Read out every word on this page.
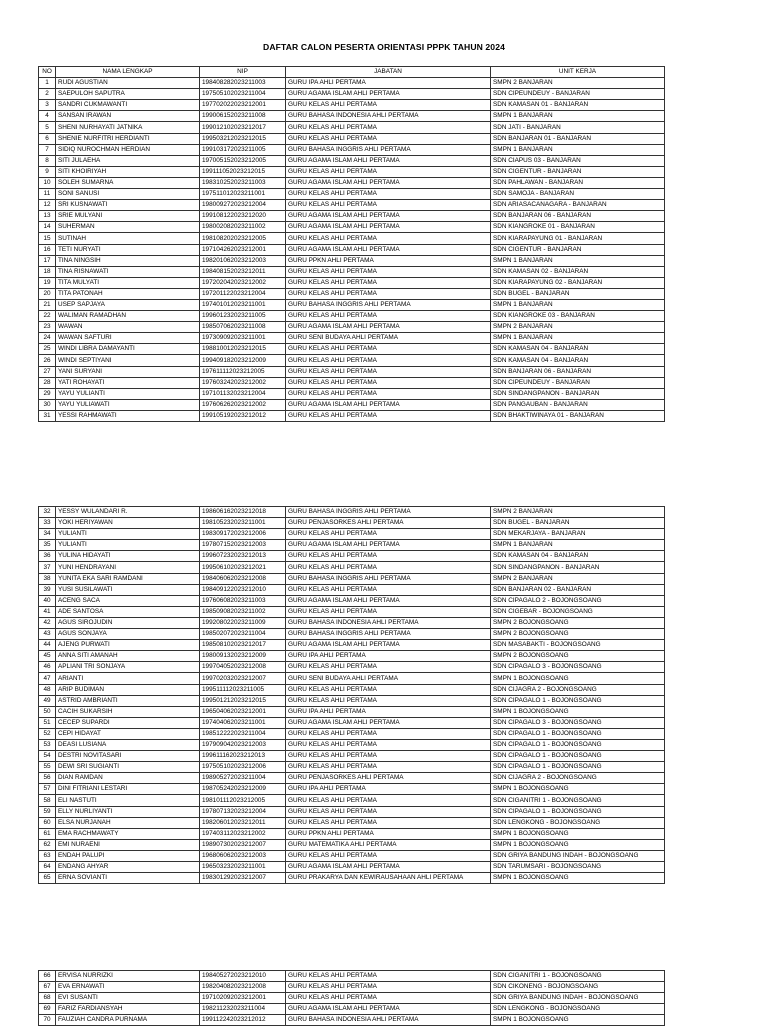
DAFTAR CALON PESERTA ORIENTASI PPPK TAHUN 2024
NO	NAMA LENGKAP	NIP	JABATAN	UNIT KERJA
1	RUDI AGUSTIAN	198408282023211003	GURU IPA AHLI PERTAMA	SMPN 2 BANJARAN
2	SAEPULOH SAPUTRA	197505102023211004	GURU AGAMA ISLAM AHLI PERTAMA	SDN CIPEUNDEUY - BANJARAN
3	SANDRI CUKMAWANTI	197702022023212001	GURU KELAS AHLI PERTAMA	SDN KAMASAN 01 - BANJARAN
4	SANSAN IRAWAN	199006152023211008	GURU BAHASA INDONESIA AHLI PERTAMA	SMPN 1 BANJARAN
5	SHENI NURHAYATI JATNIKA	199012102023212017	GURU KELAS AHLI PERTAMA	SDN JATI - BANJARAN
6	SHENIE NURFITRI HERDIANTI	199503212023212015	GURU KELAS AHLI PERTAMA	SDN BANJARAN 01 - BANJARAN
7	SIDIQ NUROCHMAN HERDIAN	199103172023211005	GURU BAHASA INGGRIS AHLI PERTAMA	SMPN 1 BANJARAN
8	SITI JULAEHA	197005152023212005	GURU AGAMA ISLAM AHLI PERTAMA	SDN CIAPUS 03 - BANJARAN
9	SITI KHOIRIYAH	199111052023212015	GURU KELAS AHLI PERTAMA	SDN CIGENTUR - BANJARAN
10	SOLEH SUMARNA	198310252023211003	GURU AGAMA ISLAM AHLI PERTAMA	SDN PAHLAWAN - BANJARAN
11	SONI SANUSI	197511012023211001	GURU KELAS AHLI PERTAMA	SDN SAMOJA - BANJARAN
12	SRI KUSNAWATI	198009272023212004	GURU KELAS AHLI PERTAMA	SDN ARIASACANAGARA - BANJARAN
13	SRIE MULYANI	199108122023212020	GURU AGAMA ISLAM AHLI PERTAMA	SDN BANJARAN 06 - BANJARAN
14	SUHERMAN	198002082023211002	GURU AGAMA ISLAM AHLI PERTAMA	SDN KIANGROKE 01 - BANJARAN
15	SUTINAH	198108202023212005	GURU KELAS AHLI PERTAMA	SDN KIARAPAYUNG 01 - BANJARAN
16	TETI NURYATI	197104262023212001	GURU AGAMA ISLAM AHLI PERTAMA	SDN CIGENTUR - BANJARAN
17	TINA NINGSIH	198201062023212003	GURU PPKN AHLI PERTAMA	SMPN 1 BANJARAN
18	TINA RISNAWATI	198408152023212011	GURU KELAS AHLI PERTAMA	SDN KAMASAN 02 - BANJARAN
19	TITA MULYATI	197202042023212002	GURU KELAS AHLI PERTAMA	SDN KIARAPAYUNG 02 - BANJARAN
20	TITA PATONAH	197201122023212004	GURU KELAS AHLI PERTAMA	SDN BUGEL - BANJARAN
21	USEP SAPJAYA	197401012023211001	GURU BAHASA INGGRIS AHLI PERTAMA	SMPN 1 BANJARAN
22	WALIMAN RAMADHAN	199601232023211005	GURU KELAS AHLI PERTAMA	SDN KIANGROKE 03 - BANJARAN
23	WAWAN	198507062023211008	GURU AGAMA ISLAM AHLI PERTAMA	SMPN 2 BANJARAN
24	WAWAN SAFTURI	197309092023211001	GURU SENI BUDAYA AHLI PERTAMA	SMPN 1 BANJARAN
25	WINDI LIBRA DAMAYANTI	198810012023212015	GURU KELAS AHLI PERTAMA	SDN KAMASAN 04 - BANJARAN
26	WINDI SEPTIYANI	199409182023212009	GURU KELAS AHLI PERTAMA	SDN KAMASAN 04 - BANJARAN
27	YANI SURYANI	197611112023212005	GURU KELAS AHLI PERTAMA	SDN BANJARAN 06 - BANJARAN
28	YATI ROHAYATI	197603242023212002	GURU KELAS AHLI PERTAMA	SDN CIPEUNDEUY - BANJARAN
29	YAYU YULIANTI	197101132023212004	GURU KELAS AHLI PERTAMA	SDN SINDANGPANON - BANJARAN
30	YAYU YULIAWATI	197606262023212002	GURU AGAMA ISLAM AHLI PERTAMA	SDN PANGAUBAN - BANJARAN
31	YESSI RAHMAWATI	199105192023212012	GURU KELAS AHLI PERTAMA	SDN BHAKTIWINAYA 01 - BANJARAN
32	YESSY WULANDARI R.	198606162023212018	GURU BAHASA INGGRIS AHLI PERTAMA	SMPN 2 BANJARAN
33	YOKI HERIYAWAN	198105232023211001	GURU PENJASORKES AHLI PERTAMA	SDN BUGEL - BANJARAN
34	YULIANTI	198309172023212006	GURU KELAS AHLI PERTAMA	SDN MEKARJAYA - BANJARAN
35	YULIANTI	197807152023212003	GURU AGAMA ISLAM AHLI PERTAMA	SMPN 1 BANJARAN
36	YULINA HIDAYATI	199607232023212013	GURU KELAS AHLI PERTAMA	SDN KAMASAN 04 - BANJARAN
37	YUNI HENDRAYANI	199506102023212021	GURU KELAS AHLI PERTAMA	SDN SINDANGPANON - BANJARAN
38	YUNITA EKA SARI RAMDANI	198406062023212008	GURU BAHASA INGGRIS AHLI PERTAMA	SMPN 2 BANJARAN
39	YUSI SUSILAWATI	198409122023212010	GURU KELAS AHLI PERTAMA	SDN BANJARAN 02 - BANJARAN
40	ACENG SACA	197606082023211003	GURU AGAMA ISLAM AHLI PERTAMA	SDN CIPAGALO 2 - BOJONGSOANG
41	ADE SANTOSA	198509082023211002	GURU KELAS AHLI PERTAMA	SDN CIGEBAR - BOJONGSOANG
42	AGUS SIROJUDIN	199208022023211009	GURU BAHASA INDONESIA AHLI PERTAMA	SMPN 2 BOJONGSOANG
43	AGUS SONJAYA	198502072023211004	GURU BAHASA INGGRIS AHLI PERTAMA	SMPN 2 BOJONGSOANG
44	AJENG PURWATI	198508102023212017	GURU AGAMA ISLAM AHLI PERTAMA	SDN MASABAKTI - BOJONGSOANG
45	ANNA SITI AMANAH	198009132023212009	GURU IPA AHLI PERTAMA	SMPN 2 BOJONGSOANG
46	APLIANI TRI SONJAYA	199704052023212008	GURU KELAS AHLI PERTAMA	SDN CIPAGALO 3 - BOJONGSOANG
47	ARIANTI	199702032023212007	GURU SENI BUDAYA AHLI PERTAMA	SMPN 1 BOJONGSOANG
48	ARIP BUDIMAN	199511112023211005	GURU KELAS AHLI PERTAMA	SDN CIJAGRA 2 - BOJONGSOANG
49	ASTRID AMBRIANTI	199501212023212015	GURU KELAS AHLI PERTAMA	SDN CIPAGALO 1 - BOJONGSOANG
50	CACIH SUKARSIH	196504062023212001	GURU IPA AHLI PERTAMA	SMPN 1 BOJONGSOANG
51	CECEP SUPARDI	197404062023211001	GURU AGAMA ISLAM AHLI PERTAMA	SDN CIPAGALO 3 - BOJONGSOANG
52	CEPI HIDAYAT	198512222023211004	GURU KELAS AHLI PERTAMA	SDN CIPAGALO 1 - BOJONGSOANG
53	DEASI LUSIANA	197909042023212003	GURU KELAS AHLI PERTAMA	SDN CIPAGALO 1 - BOJONGSOANG
54	DESTRI NOVITASARI	199611162023212013	GURU KELAS AHLI PERTAMA	SDN CIPAGALO 1 - BOJONGSOANG
55	DEWI SRI SUGIANTI	197505102023212006	GURU KELAS AHLI PERTAMA	SDN CIPAGALO 1 - BOJONGSOANG
56	DIAN RAMDAN	198905272023211004	GURU PENJASORKES AHLI PERTAMA	SDN CIJAGRA 2 - BOJONGSOANG
57	DINI FITRIANI LESTARI	198705242023212009	GURU IPA AHLI PERTAMA	SMPN 1 BOJONGSOANG
58	ELI NASTUTI	198101112023212005	GURU KELAS AHLI PERTAMA	SDN CIGANITRI 1 - BOJONGSOANG
59	ELLY NURLIYANTI	197807132023212004	GURU KELAS AHLI PERTAMA	SDN CIPAGALO 1 - BOJONGSOANG
60	ELSA NURJANAH	198206012023212011	GURU KELAS AHLI PERTAMA	SDN LENGKONG - BOJONGSOANG
61	EMA RACHMAWATY	197403112023212002	GURU PPKN AHLI PERTAMA	SMPN 1 BOJONGSOANG
62	EMI NURAENI	198907302023212007	GURU MATEMATIKA AHLI PERTAMA	SMPN 1 BOJONGSOANG
63	ENDAH PALUPI	196806062023212003	GURU KELAS AHLI PERTAMA	SDN GRIYA BANDUNG INDAH - BOJONGSOANG
64	ENDANG AHYAR	196503232023211001	GURU AGAMA ISLAM AHLI PERTAMA	SDN TARUMSARI - BOJONGSOANG
65	ERNA SOVIANTI	198301292023212007	GURU PRAKARYA DAN KEWIRAUSAHAAN AHLI PERTAMA	SMPN 1 BOJONGSOANG
66	ERVISA NURRIZKI	198405272023212010	GURU KELAS AHLI PERTAMA	SDN CIGANITRI 1 - BOJONGSOANG
67	EVA ERNAWATI	198204082023212008	GURU KELAS AHLI PERTAMA	SDN CIKONENG - BOJONGSOANG
68	EVI SUSANTI	197102092023212001	GURU KELAS AHLI PERTAMA	SDN GRIYA BANDUNG INDAH - BOJONGSOANG
69	FARIZ FARDIANSYAH	198211232023211004	GURU AGAMA ISLAM AHLI PERTAMA	SDN LENGKONG - BOJONGSOANG
70	FAUZIAH CANDRA PURNAMA	199112242023212012	GURU BAHASA INDONESIA AHLI PERTAMA	SMPN 1 BOJONGSOANG
